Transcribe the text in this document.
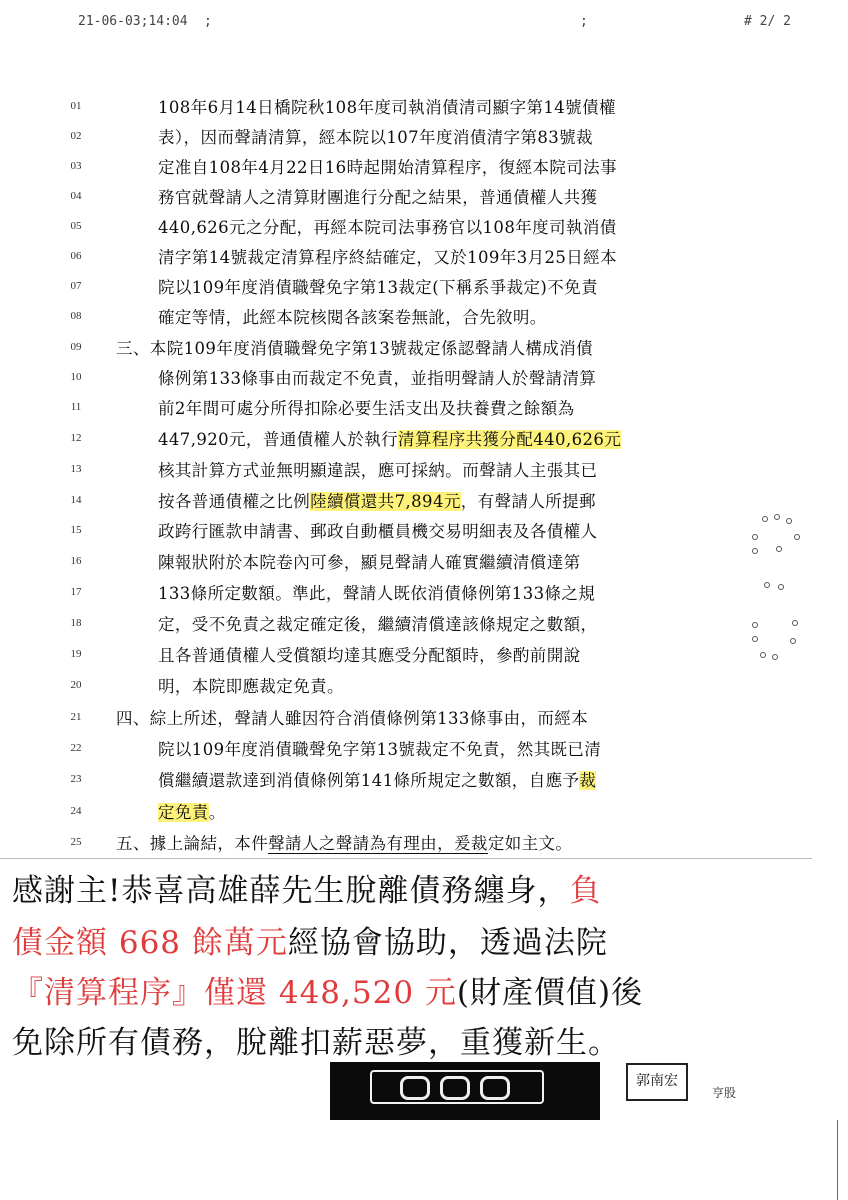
21-06-03;14:04 ;	;	# 2/ 2
01	108年6月14日橋院秋108年度司執消債清司顯字第14號債權
02	表），因而聲請清算，經本院以107年度消債清字第83號裁
03	定准自108年4月22日16時起開始清算程序，復經本院司法事
04	務官就聲請人之清算財團進行分配之結果，普通債權人共獲
05	440,626元之分配，再經本院司法事務官以108年度司執消債
06	清字第14號裁定清算程序終結確定，又於109年3月25日經本
07	院以109年度消債職聲免字第13裁定(下稱系爭裁定)不免責
08	確定等情，此經本院核閱各該案卷無訛，合先敘明。
09	三、本院109年度消債職聲免字第13號裁定係認聲請人構成消債
10	條例第133條事由而裁定不免責，並指明聲請人於聲請清算
11	前2年間可處分所得扣除必要生活支出及扶養費之餘額為
12	447,920元，普通債權人於執行清算程序共獲分配440,626元
13	核其計算方式並無明顯違誤，應可採納。而聲請人主張其已
14	按各普通債權之比例陸續償還共7,894元，有聲請人所提郵
15	政跨行匯款申請書、郵政自動櫃員機交易明細表及各債權人
16	陳報狀附於本院卷內可參，顯見聲請人確實繼續清償達第
17	133條所定數額。準此，聲請人既依消債條例第133條之規
18	定，受不免責之裁定確定後，繼續清償達該條規定之數額，
19	且各普通債權人受償額均達其應受分配額時，參酌前開說
20	明，本院即應裁定免責。
21	四、綜上所述，聲請人雖因符合消債條例第133條事由，而經本
22	院以109年度消債職聲免字第13號裁定不免責，然其既已清
23	償繼續還款達到消債條例第141條所規定之數額，自應予裁
24	定免責。
25	五、據上論結，本件聲請人之聲請為有理由，爰裁定如主文。
感謝主!恭喜高雄薛先生脫離債務纏身，負
債金額 668 餘萬元經協會協助，透過法院
『清算程序』僅還 448,520 元(財產價值)後
免除所有債務，脫離扣薪惡夢，重獲新生。
郭南宏
亨股
